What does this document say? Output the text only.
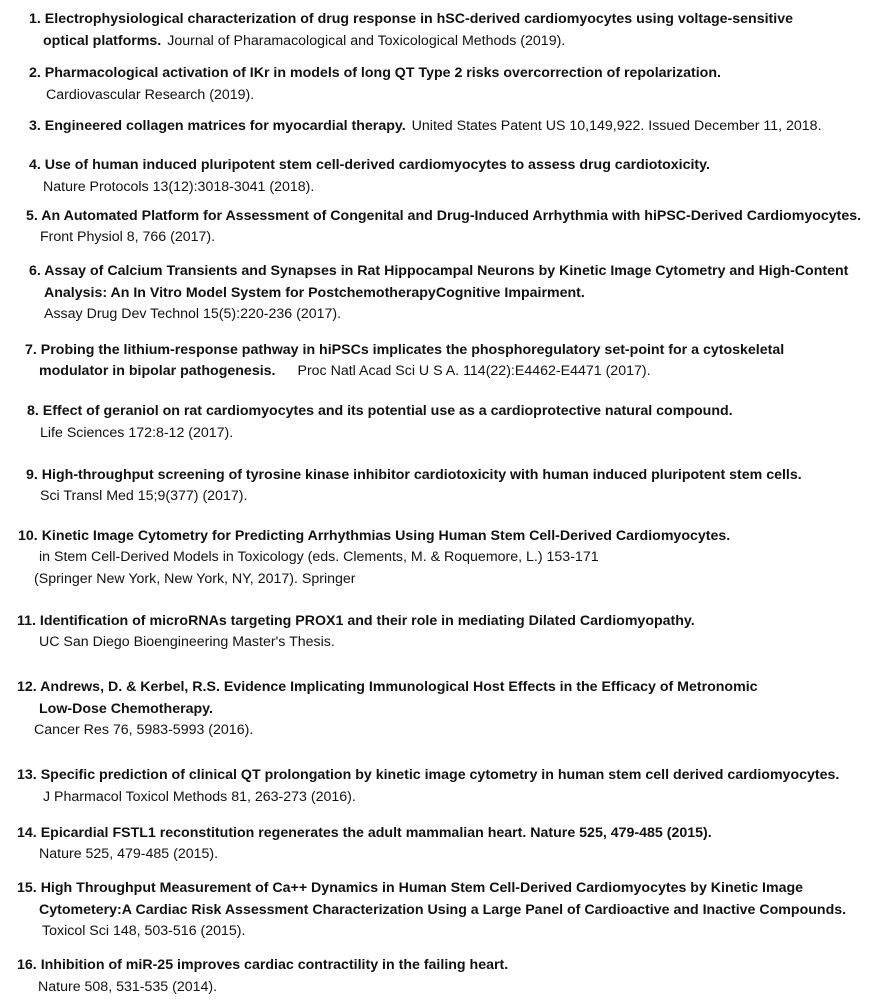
1. Electrophysiological characterization of drug response in hSC-derived cardiomyocytes using voltage-sensitive
optical platforms. Journal of Pharamacological and Toxicological Methods (2019).
2. Pharmacological activation of IKr in models of long QT Type 2 risks overcorrection of repolarization.
Cardiovascular Research (2019).
3. Engineered collagen matrices for myocardial therapy. United States Patent US 10,149,922. Issued December 11, 2018.
4. Use of human induced pluripotent stem cell-derived cardiomyocytes to assess drug cardiotoxicity.
Nature Protocols 13(12):3018-3041 (2018).
5. An Automated Platform for Assessment of Congenital and Drug-Induced Arrhythmia with hiPSC-Derived Cardiomyocytes.
Front Physiol 8, 766 (2017).
6. Assay of Calcium Transients and Synapses in Rat Hippocampal Neurons by Kinetic Image Cytometry and High-Content
Analysis: An In Vitro Model System for PostchemotherapyCognitive Impairment.
Assay Drug Dev Technol 15(5):220-236 (2017).
7. Probing the lithium-response pathway in hiPSCs implicates the phosphoregulatory set-point for a cytoskeletal
modulator in bipolar pathogenesis. Proc Natl Acad Sci U S A. 114(22):E4462-E4471 (2017).
8. Effect of geraniol on rat cardiomyocytes and its potential use as a cardioprotective natural compound.
Life Sciences 172:8-12 (2017).
9. High-throughput screening of tyrosine kinase inhibitor cardiotoxicity with human induced pluripotent stem cells.
Sci Transl Med 15;9(377) (2017).
10. Kinetic Image Cytometry for Predicting Arrhythmias Using Human Stem Cell-Derived Cardiomyocytes.
in Stem Cell-Derived Models in Toxicology (eds. Clements, M. & Roquemore, L.) 153-171
(Springer New York, New York, NY, 2017). Springer
11. Identification of microRNAs targeting PROX1 and their role in mediating Dilated Cardiomyopathy.
UC San Diego Bioengineering Master's Thesis.
12. Andrews, D. & Kerbel, R.S. Evidence Implicating Immunological Host Effects in the Efficacy of Metronomic
Low-Dose Chemotherapy.
Cancer Res 76, 5983-5993 (2016).
13. Specific prediction of clinical QT prolongation by kinetic image cytometry in human stem cell derived cardiomyocytes.
J Pharmacol Toxicol Methods 81, 263-273 (2016).
14. Epicardial FSTL1 reconstitution regenerates the adult mammalian heart. Nature 525, 479-485 (2015).
Nature 525, 479-485 (2015).
15. High Throughput Measurement of Ca++ Dynamics in Human Stem Cell-Derived Cardiomyocytes by Kinetic Image
Cytometery:A Cardiac Risk Assessment Characterization Using a Large Panel of Cardioactive and Inactive Compounds.
Toxicol Sci 148, 503-516 (2015).
16. Inhibition of miR-25 improves cardiac contractility in the failing heart.
Nature 508, 531-535 (2014).
